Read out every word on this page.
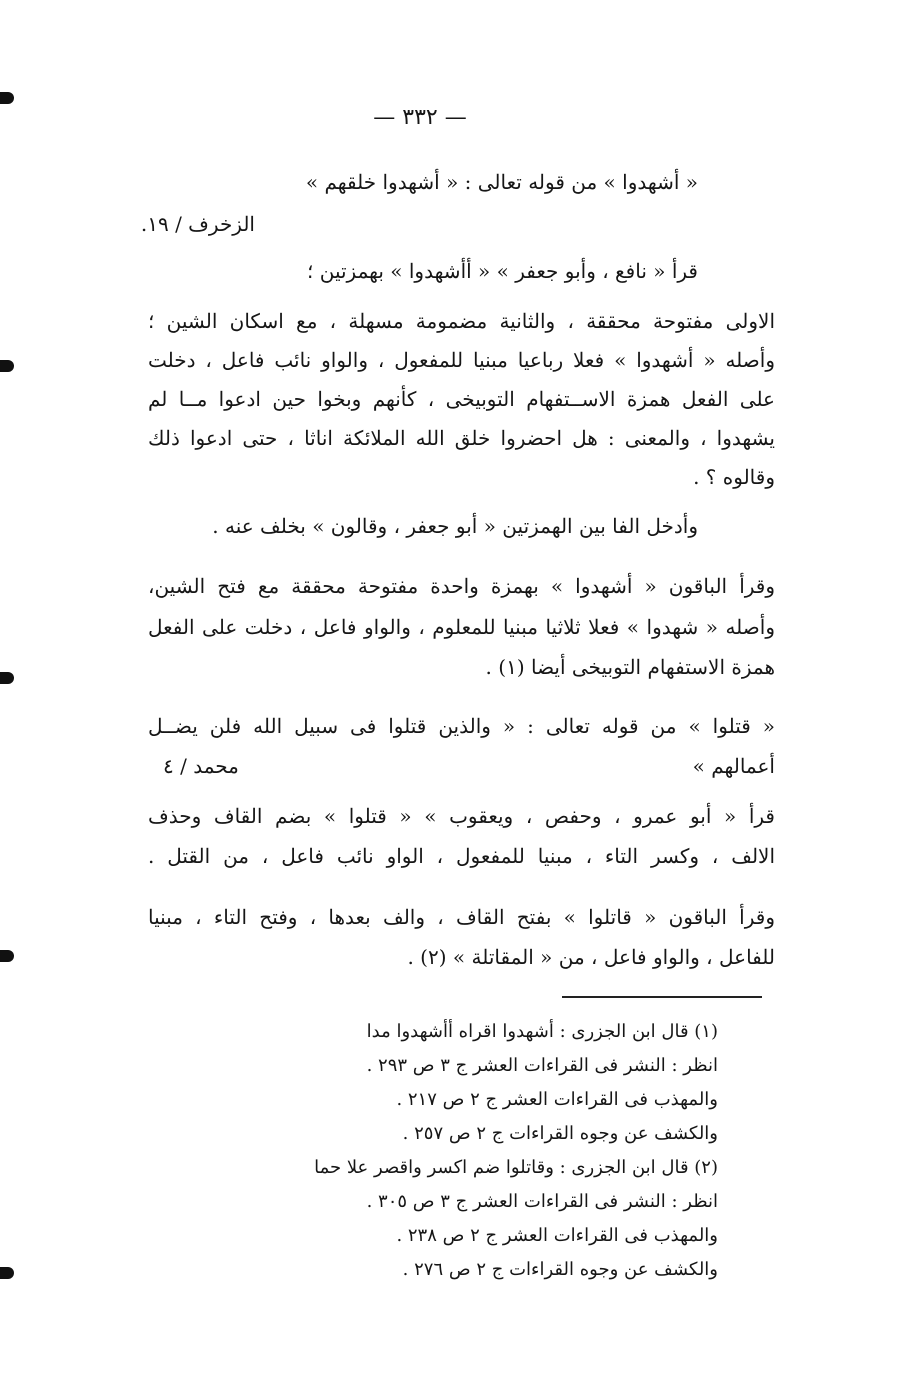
— ٣٣٢ —
« أشهدوا » من قوله تعالى : « أشهدوا خلقهم »
الزخرف / ١٩.
قرأ « نافع ، وأبو جعفر » « أأشهدوا » بهمزتين ؛
الاولى مفتوحة محققة ، والثانية مضمومة مسهلة ، مع اسكان الشين ؛
وأصله « أشهدوا » فعلا رباعيا مبنيا للمفعول ، والواو نائب فاعل ، دخلت
على الفعل همزة الاســتفهام التوبيخى ، كأنهم وبخوا حين ادعوا مــا لم
يشهدوا ، والمعنى : هل احضروا خلق الله الملائكة اناثا ، حتى ادعوا ذلك
وقالوه ؟ .
وأدخل الفا بين الهمزتين « أبو جعفر ، وقالون » بخلف عنه .
وقرأ الباقون « أشهدوا » بهمزة واحدة مفتوحة محققة مع فتح الشين،
وأصله « شهدوا » فعلا ثلاثيا مبنيا للمعلوم ، والواو فاعل ، دخلت على الفعل
همزة الاستفهام التوبيخى أيضا (١) .
« قتلوا » من قوله تعالى : « والذين قتلوا فى سبيل الله فلن يضــل
أعمالهم »
محمد / ٤
قرأ « أبو عمرو ، وحفص ، ويعقوب » « قتلوا » بضم القاف وحذف
الالف ، وكسر التاء ، مبنيا للمفعول ، الواو نائب فاعل ، من القتل .
وقرأ الباقون « قاتلوا » بفتح القاف ، والف بعدها ، وفتح التاء ، مبنيا
للفاعل ، والواو فاعل ، من « المقاتلة » (٢) .
(١) قال ابن الجزرى : أشهدوا اقراه أأشهدوا مدا
انظر : النشر فى القراءات العشر ج ٣ ص ٢٩٣ .
والمهذب فى القراءات العشر ج ٢ ص ٢١٧ .
والكشف عن وجوه القراءات ج ٢ ص ٢٥٧ .
(٢) قال ابن الجزرى : وقاتلوا ضم اكسر واقصر علا حما
انظر : النشر فى القراءات العشر ج ٣ ص ٣٠٥ .
والمهذب فى القراءات العشر ج ٢ ص ٢٣٨ .
والكشف عن وجوه القراءات ج ٢ ص ٢٧٦ .
